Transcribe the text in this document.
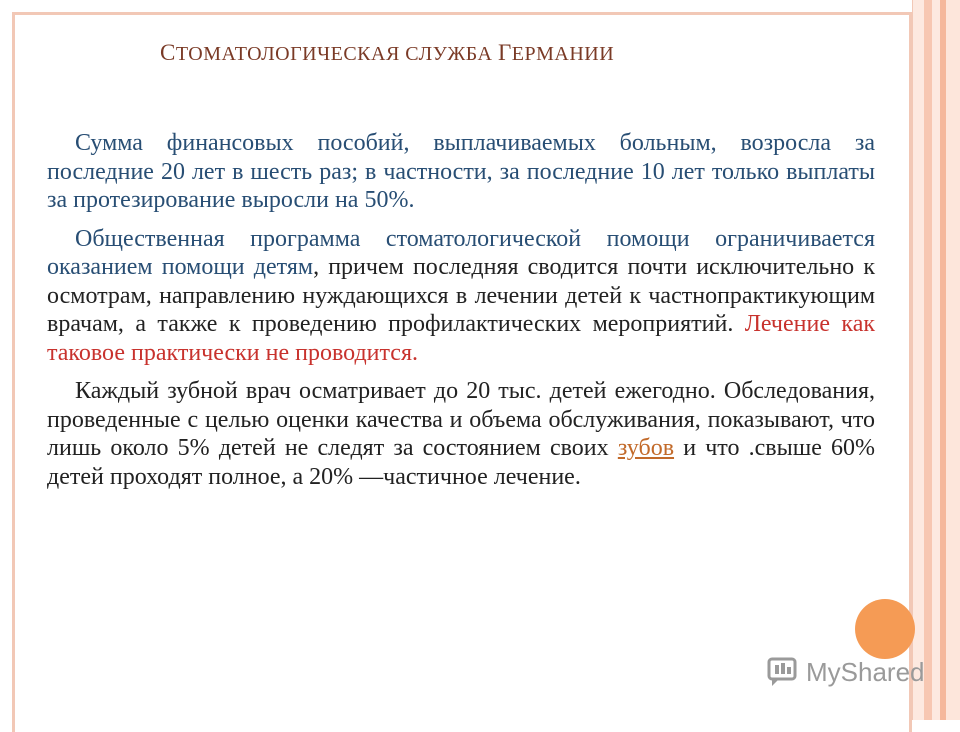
СТОМАТОЛОГИЧЕСКАЯ СЛУЖБА ГЕРМАНИИ

Сумма финансовых пособий, выплачиваемых больным, возросла за последние 20 лет в шесть раз; в частности, за последние 10 лет только выплаты за протезирование выросли на 50%.

Общественная программа стоматологической помощи ограничивается оказанием помощи детям, причем последняя сводится почти исключительно к осмотрам, направлению нуждающихся в лечении детей к частнопрактикующим врачам, а также к проведению профилактических мероприятий. Лечение как таковое практически не проводится.

Каждый зубной врач осматривает до 20 тыс. детей ежегодно. Обследования, проведенные с целью оценки качества и объема обслуживания, показывают, что лишь около 5% детей не следят за состоянием своих зубов и что .свыше 60% детей проходят полное, а 20% —частичное лечение.

MyShared
